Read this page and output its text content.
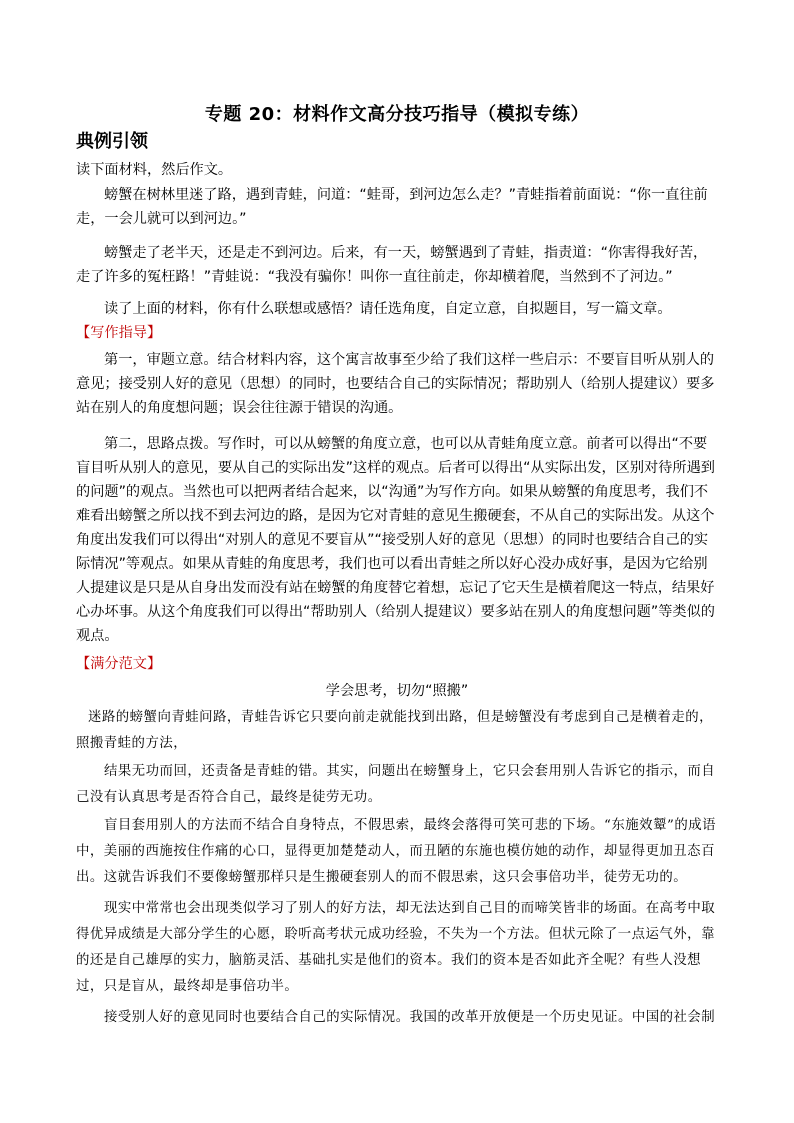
专题 20：材料作文高分技巧指导（模拟专练）
典例引领
读下面材料，然后作文。
螃蟹在树林里迷了路，遇到青蛙，问道：“蛙哥，到河边怎么走？”青蛙指着前面说：“你一直往前走，一会儿就可以到河边。”
螃蟹走了老半天，还是走不到河边。后来，有一天，螃蟹遇到了青蛙，指责道：“你害得我好苦，走了许多的冤枉路！”青蛙说：“我没有骗你！叫你一直往前走，你却横着爬，当然到不了河边。”
读了上面的材料，你有什么联想或感悟？请任选角度，自定立意，自拟题目，写一篇文章。
【写作指导】
第一，审题立意。结合材料内容，这个寓言故事至少给了我们这样一些启示：不要盲目听从别人的意见；接受别人好的意见（思想）的同时，也要结合自己的实际情况；帮助别人（给别人提建议）要多站在别人的角度想问题；误会往往源于错误的沟通。
第二，思路点拨。写作时，可以从螃蟹的角度立意，也可以从青蛙角度立意。前者可以得出“不要盲目听从别人的意见，要从自己的实际出发”这样的观点。后者可以得出“从实际出发，区别对待所遇到的问题”的观点。当然也可以把两者结合起来，以“沟通”为写作方向。如果从螃蟹的角度思考，我们不难看出螃蟹之所以找不到去河边的路，是因为它对青蛙的意见生搬硬套，不从自己的实际出发。从这个角度出发我们可以得出“对别人的意见不要盲从”“接受别人好的意见（思想）的同时也要结合自己的实际情况”等观点。如果从青蛙的角度思考，我们也可以看出青蛙之所以好心没办成好事，是因为它给别人提建议是只是从自身出发而没有站在螃蟹的角度替它着想，忘记了它天生是横着爬这一特点，结果好心办坏事。从这个角度我们可以得出“帮助别人（给别人提建议）要多站在别人的角度想问题”等类似的观点。
【满分范文】
学会思考，切勿“照搬”
迷路的螃蟹向青蛙问路，青蛙告诉它只要向前走就能找到出路，但是螃蟹没有考虑到自己是横着走的，照搬青蛙的方法，
结果无功而回，还责备是青蛙的错。其实，问题出在螃蟹身上，它只会套用别人告诉它的指示，而自己没有认真思考是否符合自己，最终是徒劳无功。
盲目套用别人的方法而不结合自身特点，不假思索，最终会落得可笑可悲的下场。“东施效颦”的成语中，美丽的西施按住作痛的心口，显得更加楚楚动人，而丑陋的东施也模仿她的动作，却显得更加丑态百出。这就告诉我们不要像螃蟹那样只是生搬硬套别人的而不假思索，这只会事倍功半，徒劳无功的。
现实中常常也会出现类似学习了别人的好方法，却无法达到自己目的而啼笑皆非的场面。在高考中取得优异成绩是大部分学生的心愿，聆听高考状元成功经验，不失为一个方法。但状元除了一点运气外，靠的还是自己雄厚的实力，脑筋灵活、基础扎实是他们的资本。我们的资本是否如此齐全呢？有些人没想过，只是盲从，最终却是事倍功半。
接受别人好的意见同时也要结合自己的实际情况。我国的改革开放便是一个历史见证。中国的社会制
